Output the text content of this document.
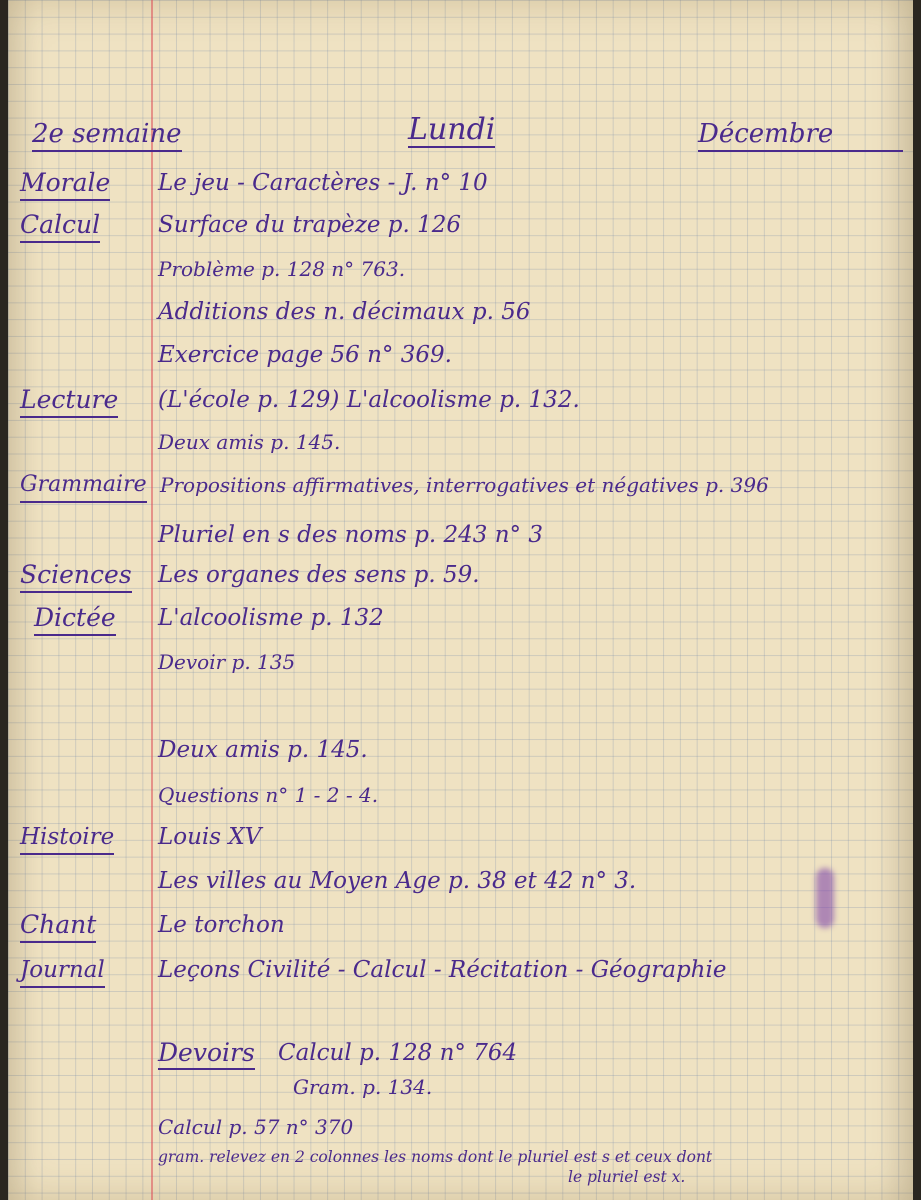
2e semaine	Lundi	Décembre
Morale Le jeu - Caractères - J. n° 10
Calcul	Surface du trapèze p. 126
Problème p. 128 n° 763.
Additions des n. décimaux p. 56
Exercice page 56 n° 369.
Lecture (L'école p. 129) L'alcoolisme p. 132.
Deux amis p. 145.
Grammaire Propositions affirmatives, interrogatives et négatives p. 396
Pluriel en s des noms p. 243 n° 3
Sciences Les organes des sens p. 59.
Dictée L'alcoolisme p. 132
Devoir p. 135
Deux amis p. 145.
Questions n° 1 - 2 - 4.
Histoire Louis XV
Les villes au Moyen Age p. 38 et 42 n° 3.
Chant	Le torchon
Journal Leçons Civilité - Calcul - Récitation - Géographie
Devoirs Calcul p. 128 n° 764
Gram. p. 134.
Calcul p. 57 n° 370
gram. relevez en 2 colonnes les noms dont le pluriel est s et ceux dont
le pluriel est x.
